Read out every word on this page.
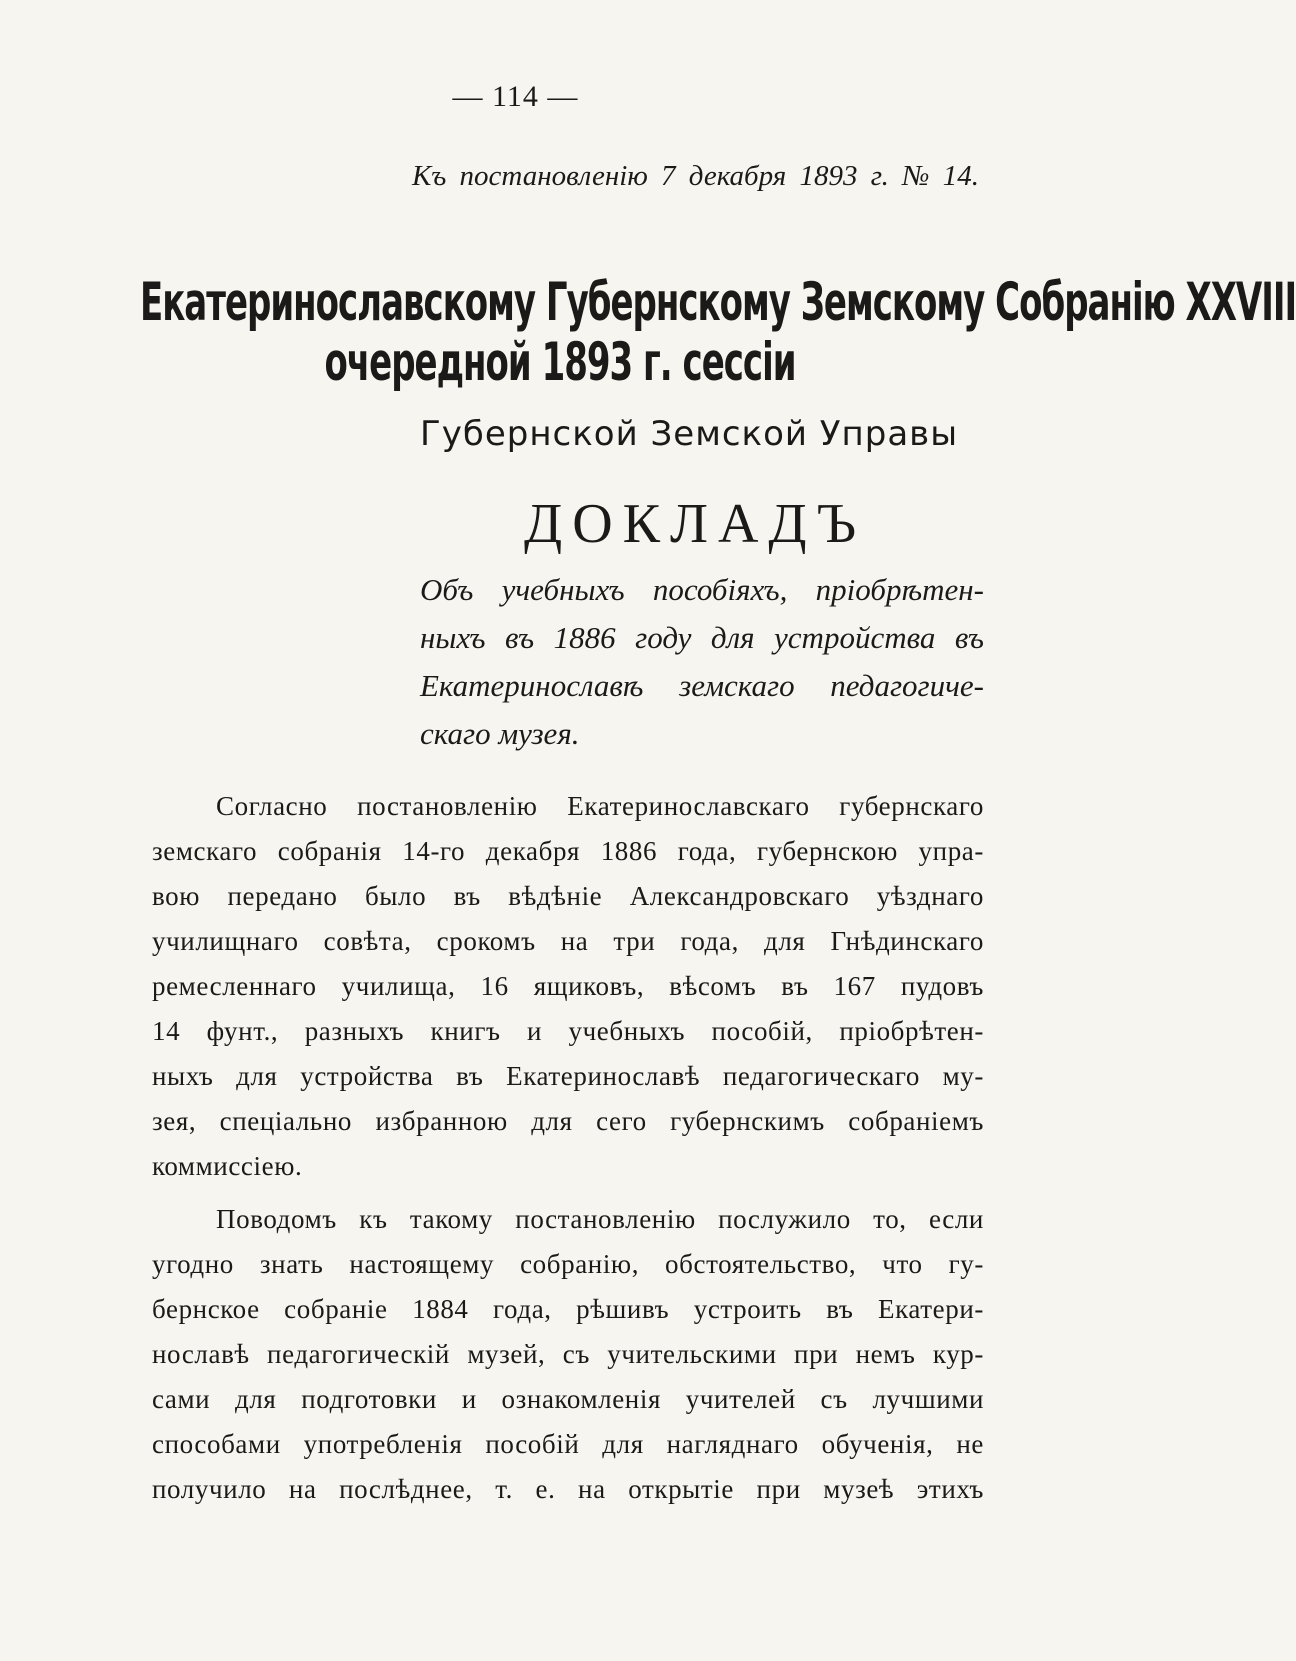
— 114 —
Къ постановленію 7 декабря 1893 г. № 14.
Екатеринославскому Губернскому Земскому Собранію XXVIII
очередной 1893 г. сессіи
Губернской Земской Управы
ДОКЛАДЪ
Объ учебныхъ пособіяхъ, пріобрѣтен-
ныхъ въ 1886 году для устройства въ
Екатеринославѣ земскаго педагогиче-
скаго музея.
Согласно постановленію Екатеринославскаго губернскаго
земскаго собранія 14-го декабря 1886 года, губернскою упра-
вою передано было въ вѣдѣніе Александровскаго уѣзднаго
училищнаго совѣта, срокомъ на три года, для Гнѣдинскаго
ремесленнаго училища, 16 ящиковъ, вѣсомъ въ 167 пудовъ
14 фунт., разныхъ книгъ и учебныхъ пособій, пріобрѣтен-
ныхъ для устройства въ Екатеринославѣ педагогическаго му-
зея, спеціально избранною для сего губернскимъ собраніемъ
коммиссіею.
Поводомъ къ такому постановленію послужило то, если
угодно знать настоящему собранію, обстоятельство, что гу-
бернское собраніе 1884 года, рѣшивъ устроить въ Екатери-
нославѣ педагогическій музей, съ учительскими при немъ кур-
сами для подготовки и ознакомленія учителей съ лучшими
способами употребленія пособій для нагляднаго обученія, не
получило на послѣднее, т. е. на открытіе при музеѣ этихъ
